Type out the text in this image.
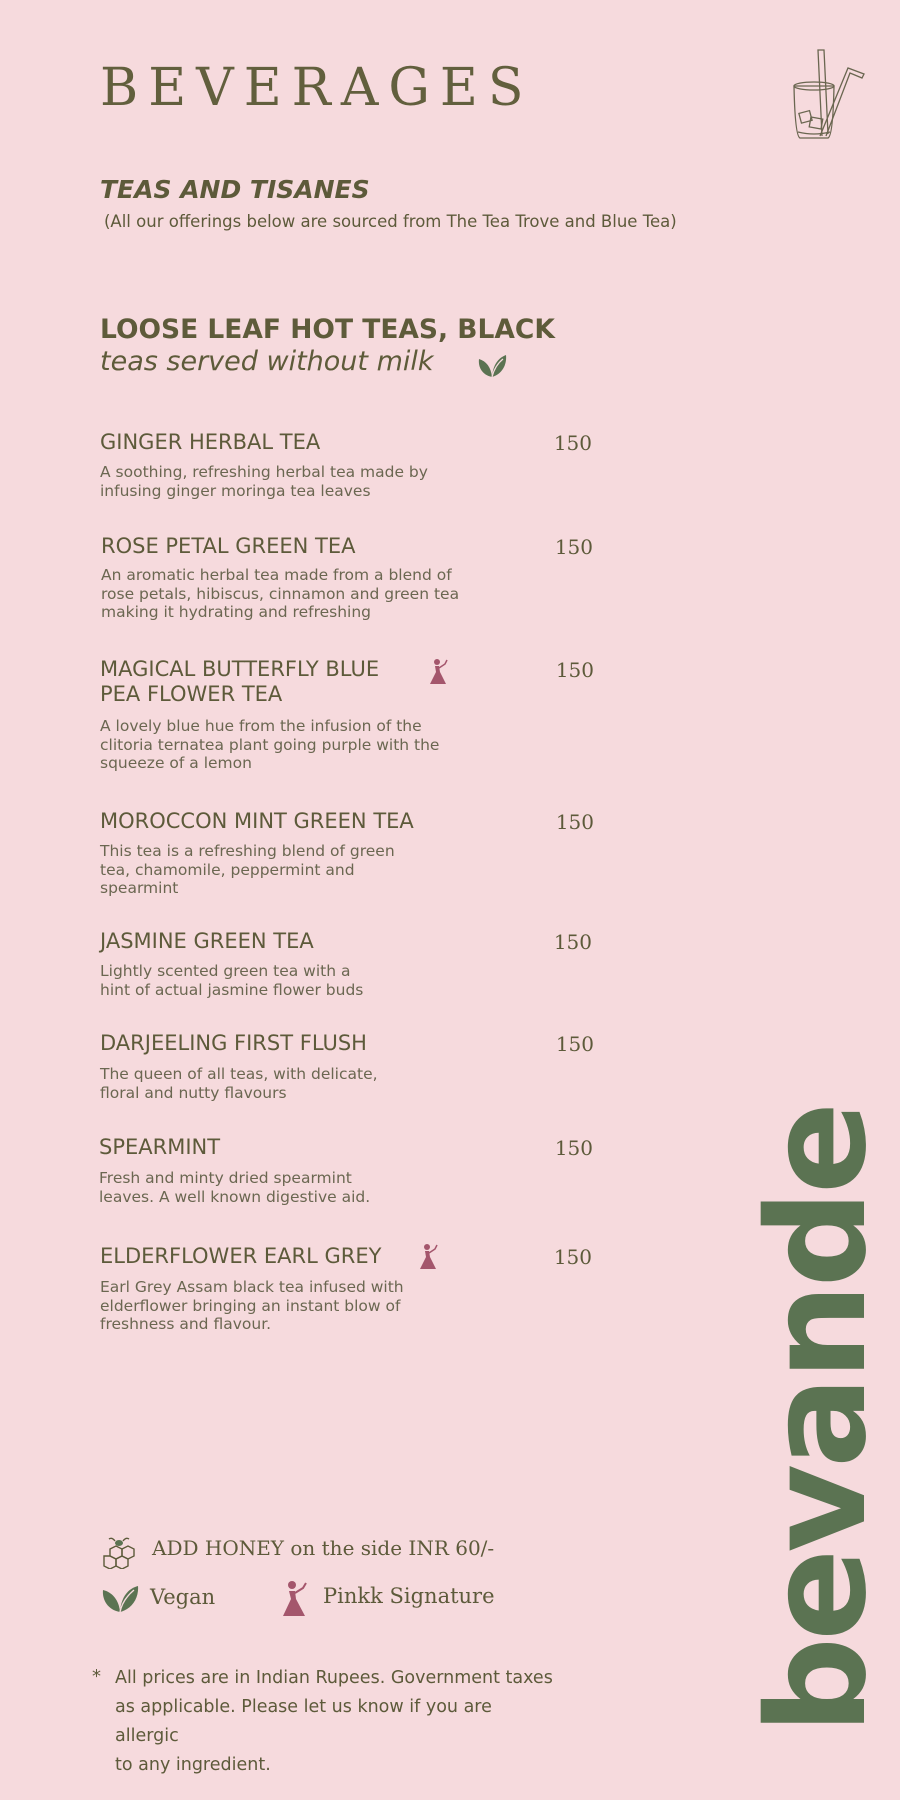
BEVERAGES
TEAS AND TISANES
(All our offerings below are sourced from The Tea Trove and Blue Tea)
LOOSE LEAF HOT TEAS, BLACK
teas served without milk
GINGER HERBAL TEA	150
A soothing, refreshing herbal tea made by
infusing ginger moringa tea leaves
ROSE PETAL GREEN TEA	150
An aromatic herbal tea made from a blend of
rose petals, hibiscus, cinnamon and green tea
making it hydrating and refreshing
MAGICAL BUTTERFLY BLUE
PEA FLOWER TEA
150
A lovely blue hue from the infusion of the
clitoria ternatea plant going purple with the
squeeze of a lemon
MOROCCON MINT GREEN TEA	150
This tea is a refreshing blend of green
tea, chamomile, peppermint and
spearmint
JASMINE GREEN TEA	150
Lightly scented green tea with a
hint of actual jasmine flower buds
DARJEELING FIRST FLUSH	150
The queen of all teas, with delicate,
floral and nutty flavours
SPEARMINT	150
Fresh and minty dried spearmint
leaves. A well known digestive aid.
ELDERFLOWER EARL GREY	150
Earl Grey Assam black tea infused with
elderflower bringing an instant blow of
freshness and flavour.
ADD HONEY on the side INR 60/-
Vegan	Pinkk Signature
* All prices are in Indian Rupees. Government taxes
as applicable. Please let us know if you are allergic
to any ingredient.
bevande
